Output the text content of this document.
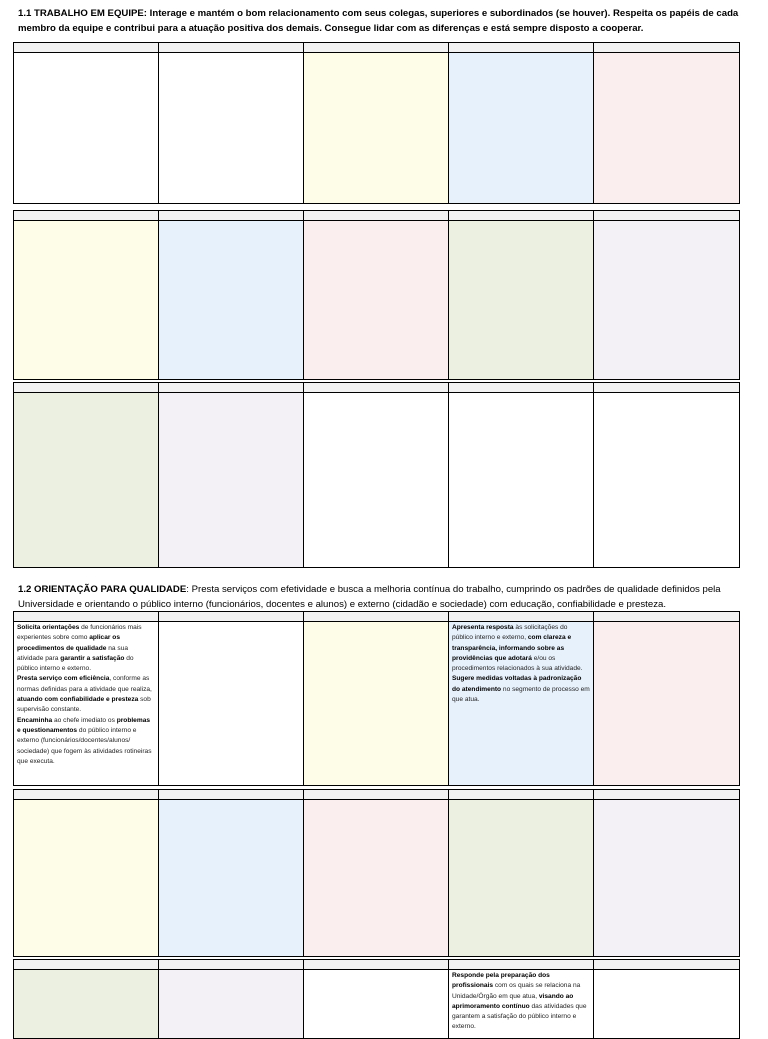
1.1 TRABALHO EM EQUIPE: Interage e mantém o bom relacionamento com seus colegas, superiores e subordinados (se houver). Respeita os papéis de cada membro da equipe e contribui para a atuação positiva dos demais. Consegue lidar com as diferenças e está sempre disposto a cooperar.

1.2 ORIENTAÇÃO PARA QUALIDADE: Presta serviços com efetividade e busca a melhoria contínua do trabalho, cumprindo os padrões de qualidade definidos pela Universidade e orientando o público interno (funcionários, docentes e alunos) e externo (cidadão e sociedade) com educação, confiabilidade e presteza.

Solicita orientações de funcionários mais experientes sobre como aplicar os procedimentos de qualidade na sua atividade para garantir a satisfação do público interno e externo.
Presta serviço com eficiência, conforme as normas definidas para a atividade que realiza, atuando com confiabilidade e presteza sob supervisão constante.
Encaminha ao chefe imediato os problemas e questionamentos do público interno e externo (funcionários/docentes/alunos/ sociedade) que fogem às atividades rotineiras que executa.
Apresenta resposta às solicitações do público interno e externo, com clareza e transparência, informando sobre as providências que adotará e/ou os procedimentos relacionados à sua atividade.
Sugere medidas voltadas à padronização do atendimento no segmento de processo em que atua.
Responde pela preparação dos profissionais com os quais se relaciona na Unidade/Órgão em que atua, visando ao aprimoramento contínuo das atividades que garantem a satisfação do público interno e externo.
